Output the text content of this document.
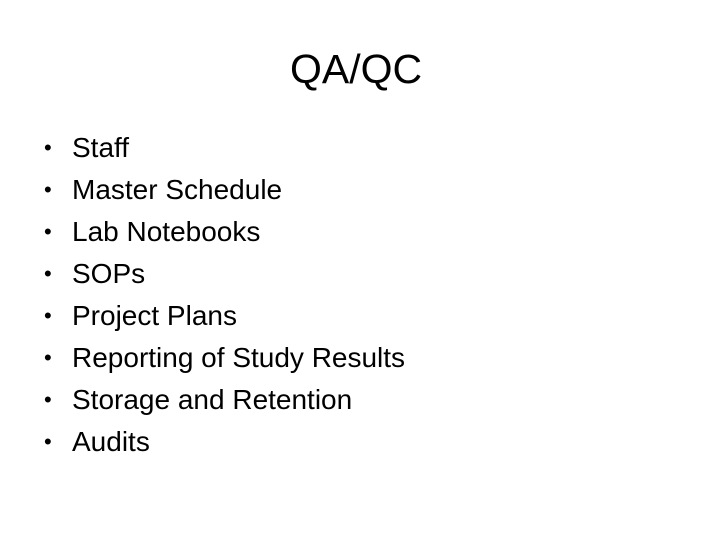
QA/QC
• Staff
• Master Schedule
• Lab Notebooks
• SOPs
• Project Plans
• Reporting of Study Results
• Storage and Retention
• Audits
